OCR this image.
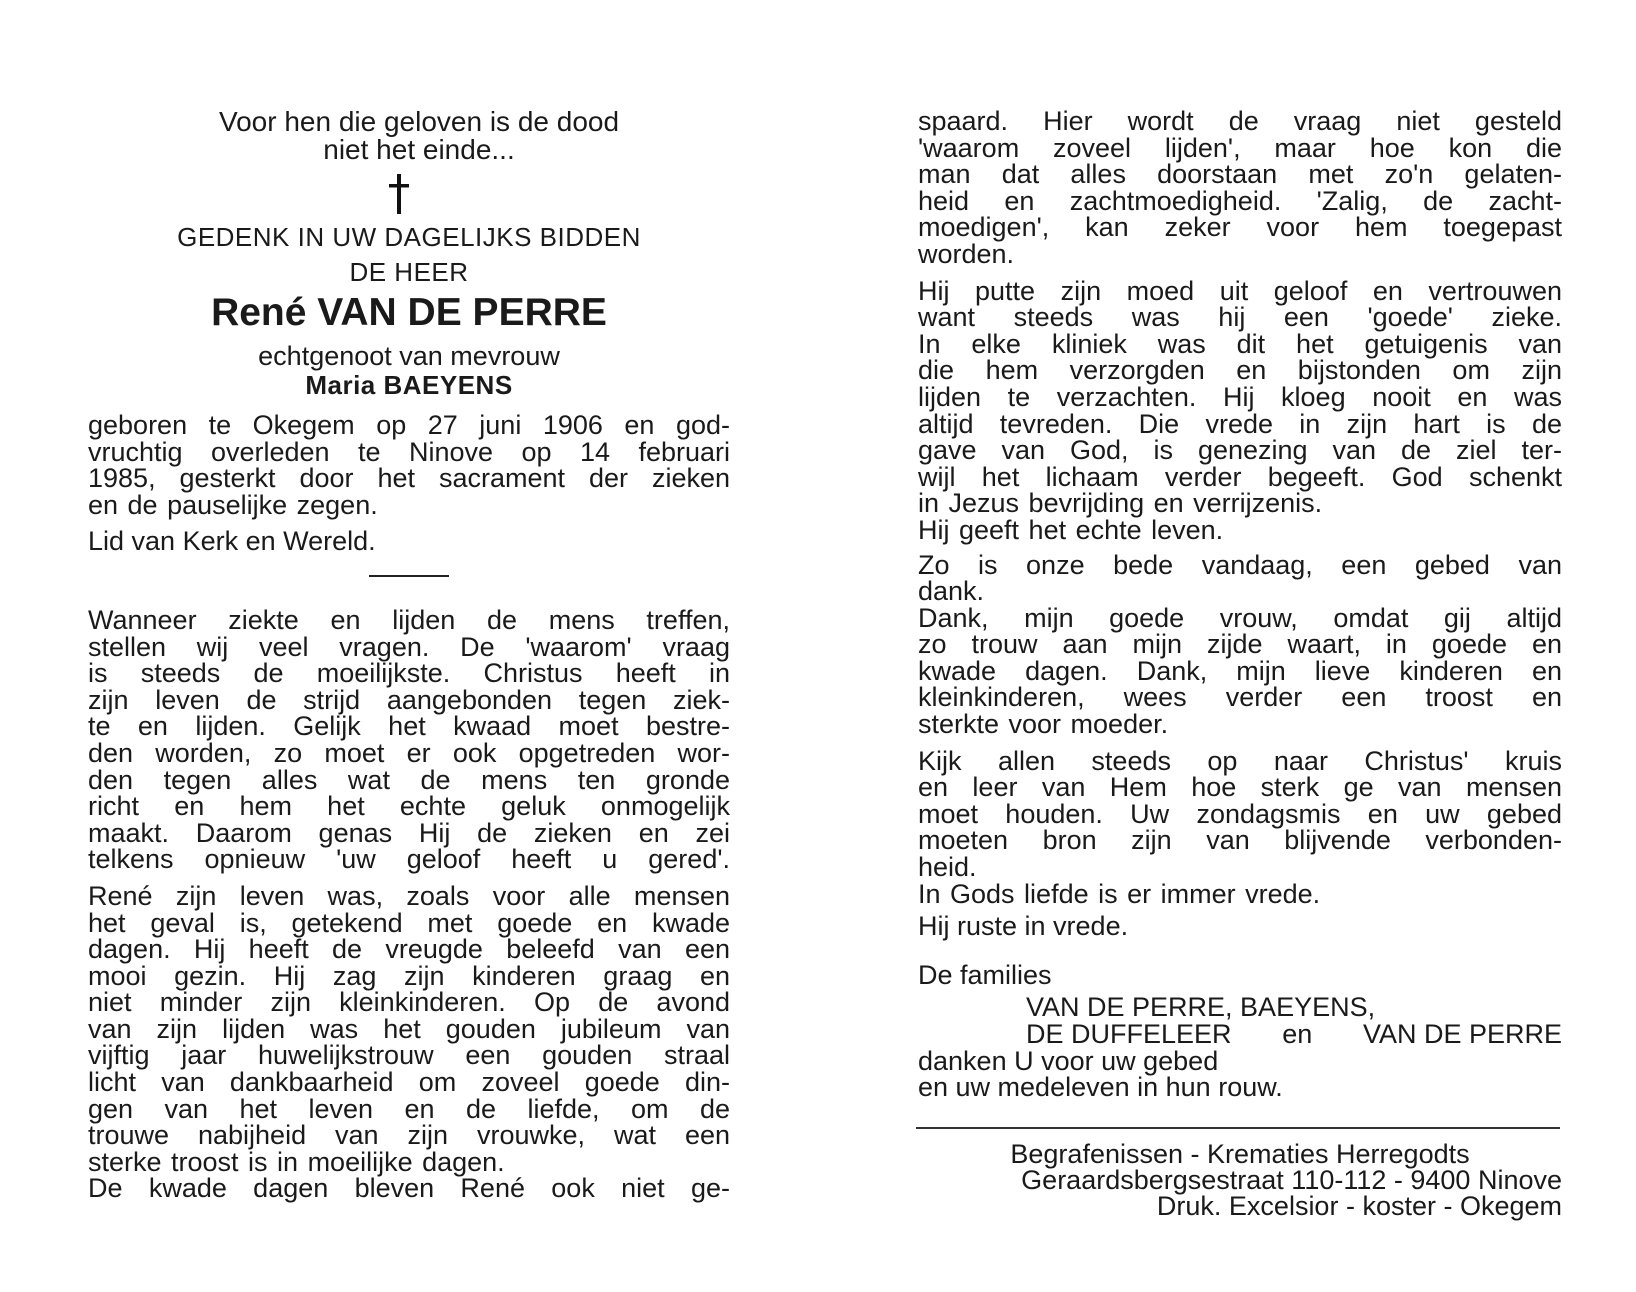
Voor hen die geloven is de dood
niet het einde...
GEDENK IN UW DAGELIJKS BIDDEN
DE HEER
René VAN DE PERRE
echtgenoot van mevrouw
Maria BAEYENS

geboren te Okegem op 27 juni 1906 en god-

vruchtig overleden te Ninove op 14 februari

1985, gesterkt door het sacrament der zieken

en de pauselijke zegen.

Lid van Kerk en Wereld.

Wanneer ziekte en lijden de mens treffen,

stellen wij veel vragen. De 'waarom' vraag

is steeds de moeilijkste. Christus heeft in

zijn leven de strijd aangebonden tegen ziek-

te en lijden. Gelijk het kwaad moet bestre-

den worden, zo moet er ook opgetreden wor-

den tegen alles wat de mens ten gronde

richt en hem het echte geluk onmogelijk

maakt. Daarom genas Hij de zieken en zei

telkens opnieuw 'uw geloof heeft u gered'.

René zijn leven was, zoals voor alle mensen

het geval is, getekend met goede en kwade

dagen. Hij heeft de vreugde beleefd van een

mooi gezin. Hij zag zijn kinderen graag en

niet minder zijn kleinkinderen. Op de avond

van zijn lijden was het gouden jubileum van

vijftig jaar huwelijkstrouw een gouden straal

licht van dankbaarheid om zoveel goede din-

gen van het leven en de liefde, om de

trouwe nabijheid van zijn vrouwke, wat een

sterke troost is in moeilijke dagen.

De kwade dagen bleven René ook niet ge-

spaard. Hier wordt de vraag niet gesteld

'waarom zoveel lijden', maar hoe kon die

man dat alles doorstaan met zo'n gelaten-

heid en zachtmoedigheid. 'Zalig, de zacht-

moedigen', kan zeker voor hem toegepast

worden.

Hij putte zijn moed uit geloof en vertrouwen

want steeds was hij een 'goede' zieke.

In elke kliniek was dit het getuigenis van

die hem verzorgden en bijstonden om zijn

lijden te verzachten. Hij kloeg nooit en was

altijd tevreden. Die vrede in zijn hart is de

gave van God, is genezing van de ziel ter-

wijl het lichaam verder begeeft. God schenkt

in Jezus bevrijding en verrijzenis.

Hij geeft het echte leven.

Zo is onze bede vandaag, een gebed van

dank.

Dank, mijn goede vrouw, omdat gij altijd

zo trouw aan mijn zijde waart, in goede en

kwade dagen. Dank, mijn lieve kinderen en

kleinkinderen, wees verder een troost en

sterkte voor moeder.

Kijk allen steeds op naar Christus' kruis

en leer van Hem hoe sterk ge van mensen

moet houden. Uw zondagsmis en uw gebed

moeten bron zijn van blijvende verbonden-

heid.

In Gods liefde is er immer vrede.

Hij ruste in vrede.

De families

VAN DE PERRE, BAEYENS,

DE DUFFELEER en VAN DE PERRE

danken U voor uw gebed

en uw medeleven in hun rouw.

Begrafenissen - Krematies Herregodts

Geraardsbergsestraat 110-112 - 9400 Ninove

Druk. Excelsior - koster - Okegem
